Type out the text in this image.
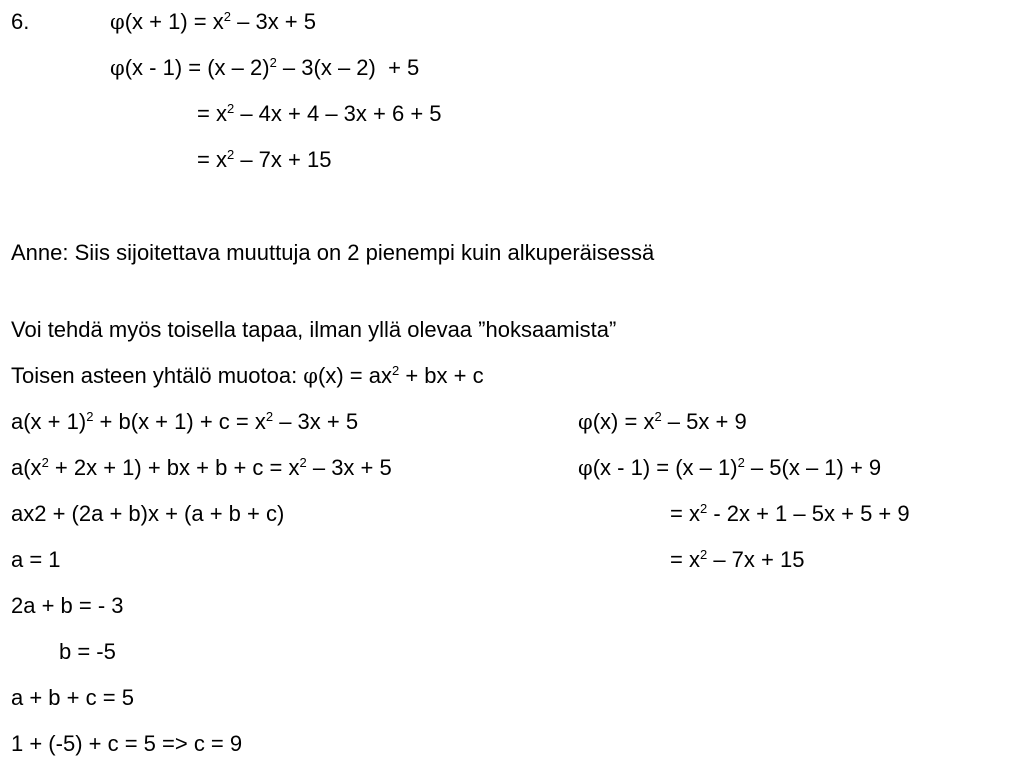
6.	$\varphi(x + 1) = x^2 - 3x + 5$
φ(x - 1) = (x – 2)$^2$ – 3(x – 2)  + 5
= $x^2 - 4x + 4 - 3x + 6 + 5$
= $x^2 - 7x + 15$
Anne: Siis sijoitettava muuttuja on 2 pienempi kuin alkuperäisessä
Voi tehdä myös toisella tapaa, ilman yllä olevaa ”hoksaamista”
Toisen asteen yhtälö muotoa: $\varphi(x) = ax^2$ + bx + c
$a(x + 1)^2 + b(x + 1) + c = x^2 - 3x + 5$
$a(x^2 + 2x + 1)$ + bx + $b + c = x^2 - 3x + 5$
ax2 + (2a + b)x + (a + b + c)
a = 1
2a + b = - 3
b = -5
a + b + c = 5
1 + (-5) + c = 5 => c = 9
$\varphi(x) = x^2 - 5x + 9$
φ(x - 1) = (x – 1)$^2$ – 5(x – 1) + 9
= $x^2 - 2x + 1 - 5x + 5 + 9$
= $x^2 - 7x + 15$
